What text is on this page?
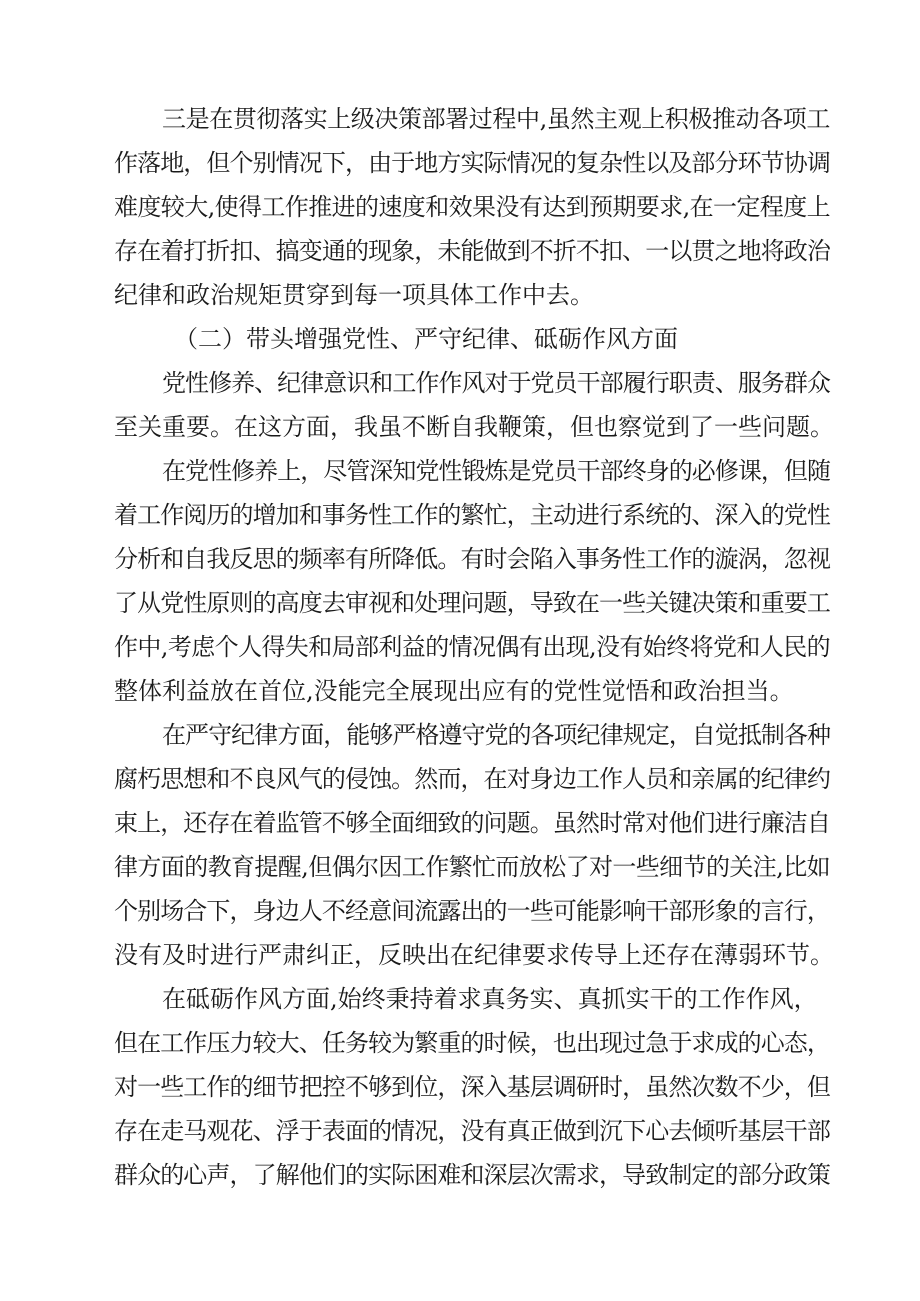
三是在贯彻落实上级决策部署过程中,虽然主观上积极推动各项工
作落地，但个别情况下，由于地方实际情况的复杂性以及部分环节协调
难度较大,使得工作推进的速度和效果没有达到预期要求,在一定程度上
存在着打折扣、搞变通的现象，未能做到不折不扣、一以贯之地将政治
纪律和政治规矩贯穿到每一项具体工作中去。
（二）带头增强党性、严守纪律、砥砺作风方面
党性修养、纪律意识和工作作风对于党员干部履行职责、服务群众
至关重要。在这方面，我虽不断自我鞭策，但也察觉到了一些问题。
在党性修养上，尽管深知党性锻炼是党员干部终身的必修课，但随
着工作阅历的增加和事务性工作的繁忙，主动进行系统的、深入的党性
分析和自我反思的频率有所降低。有时会陷入事务性工作的漩涡，忽视
了从党性原则的高度去审视和处理问题，导致在一些关键决策和重要工
作中,考虑个人得失和局部利益的情况偶有出现,没有始终将党和人民的
整体利益放在首位,没能完全展现出应有的党性觉悟和政治担当。
在严守纪律方面，能够严格遵守党的各项纪律规定，自觉抵制各种
腐朽思想和不良风气的侵蚀。然而，在对身边工作人员和亲属的纪律约
束上，还存在着监管不够全面细致的问题。虽然时常对他们进行廉洁自
律方面的教育提醒,但偶尔因工作繁忙而放松了对一些细节的关注,比如
个别场合下，身边人不经意间流露出的一些可能影响干部形象的言行，
没有及时进行严肃纠正，反映出在纪律要求传导上还存在薄弱环节。
在砥砺作风方面,始终秉持着求真务实、真抓实干的工作作风，
但在工作压力较大、任务较为繁重的时候，也出现过急于求成的心态，
对一些工作的细节把控不够到位，深入基层调研时，虽然次数不少，但
存在走马观花、浮于表面的情况，没有真正做到沉下心去倾听基层干部
群众的心声，了解他们的实际困难和深层次需求，导致制定的部分政策
